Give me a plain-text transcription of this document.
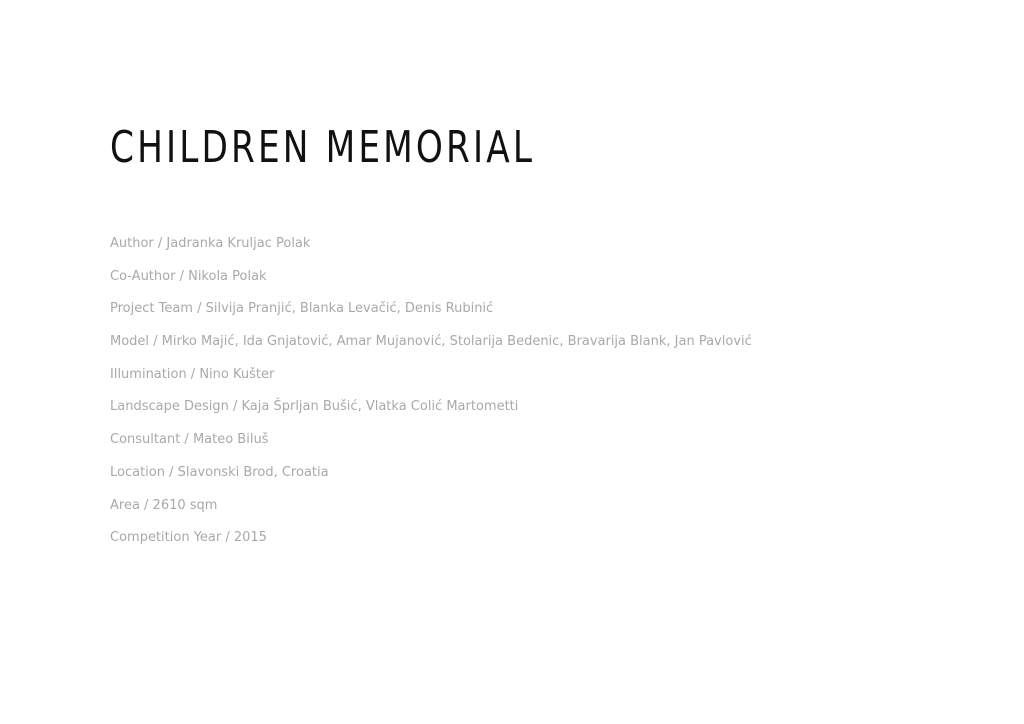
CHILDREN MEMORIAL
Author / Jadranka Kruljac Polak
Co-Author / Nikola Polak
Project Team / Silvija Pranjić, Blanka Levačić, Denis Rubinić
Model / Mirko Majić, Ida Gnjatović, Amar Mujanović, Stolarija Bedenic, Bravarija Blank, Jan Pavlović
Illumination / Nino Kušter
Landscape Design / Kaja Šprljan Bušić, Vlatka Colić Martometti
Consultant / Mateo Biluš
Location / Slavonski Brod, Croatia
Area / 2610 sqm
Competition Year / 2015
